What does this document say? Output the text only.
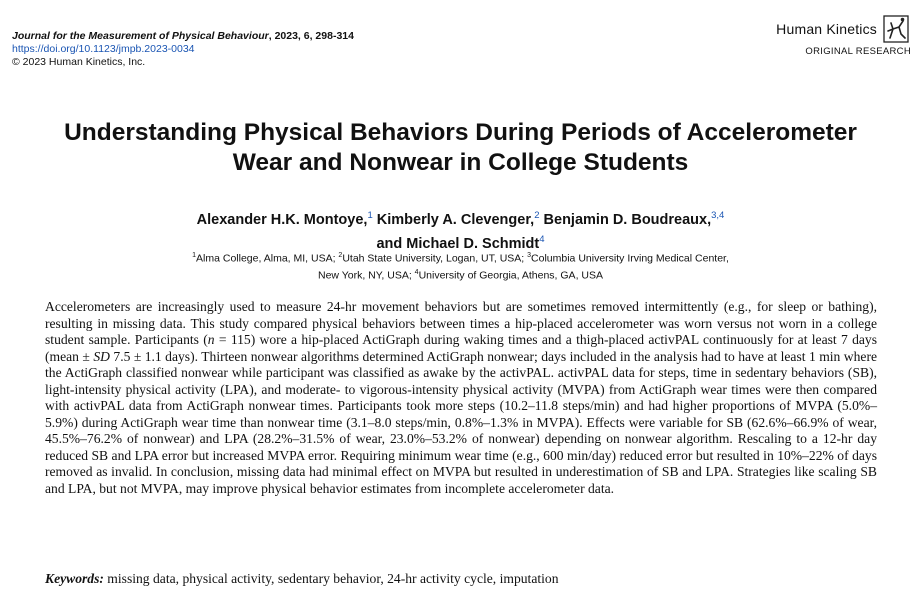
Journal for the Measurement of Physical Behaviour, 2023, 6, 298-314
https://doi.org/10.1123/jmpb.2023-0034
© 2023 Human Kinetics, Inc.
Human Kinetics
ORIGINAL RESEARCH
Understanding Physical Behaviors During Periods of Accelerometer
Wear and Nonwear in College Students
Alexander H.K. Montoye,$^1$ Kimberly A. Clevenger,$^2$ Benjamin D. Boudreaux,$^{3,4}$
and Michael D. Schmidt$^4$
$^1$Alma College, Alma, MI, USA; $^2$Utah State University, Logan, UT, USA; $^3$Columbia University Irving Medical Center,
New York, NY, USA; $^4$University of Georgia, Athens, GA, USA

Accelerometers are increasingly used to measure 24-hr movement behaviors but are sometimes removed intermittently (e.g., for sleep or bathing), resulting in missing data. This study compared physical behaviors between times a hip-placed accelerometer was worn versus not worn in a college student sample. Participants (n = 115) wore a hip-placed ActiGraph during waking times and a thigh-placed activPAL continuously for at least 7 days (mean ± SD 7.5 ± 1.1 days). Thirteen nonwear algorithms determined ActiGraph nonwear; days included in the analysis had to have at least 1 min where the ActiGraph classified nonwear while participant was classified as awake by the activPAL. activPAL data for steps, time in sedentary behaviors (SB), light-intensity physical activity (LPA), and moderate- to vigorous-intensity physical activity (MVPA) from ActiGraph wear times were then compared with activPAL data from ActiGraph nonwear times. Participants took more steps (10.2–11.8 steps/min) and had higher proportions of MVPA (5.0%–5.9%) during ActiGraph wear time than nonwear time (3.1–8.0 steps/min, 0.8%–1.3% in MVPA). Effects were variable for SB (62.6%–66.9% of wear, 45.5%–76.2% of nonwear) and LPA (28.2%–31.5% of wear, 23.0%–53.2% of nonwear) depending on nonwear algorithm. Rescaling to a 12-hr day reduced SB and LPA error but increased MVPA error. Requiring minimum wear time (e.g., 600 min/day) reduced error but resulted in 10%–22% of days removed as invalid. In conclusion, missing data had minimal effect on MVPA but resulted in underestimation of SB and LPA. Strategies like scaling SB and LPA, but not MVPA, may improve physical behavior estimates from incomplete accelerometer data.

Keywords: missing data, physical activity, sedentary behavior, 24-hr activity cycle, imputation
